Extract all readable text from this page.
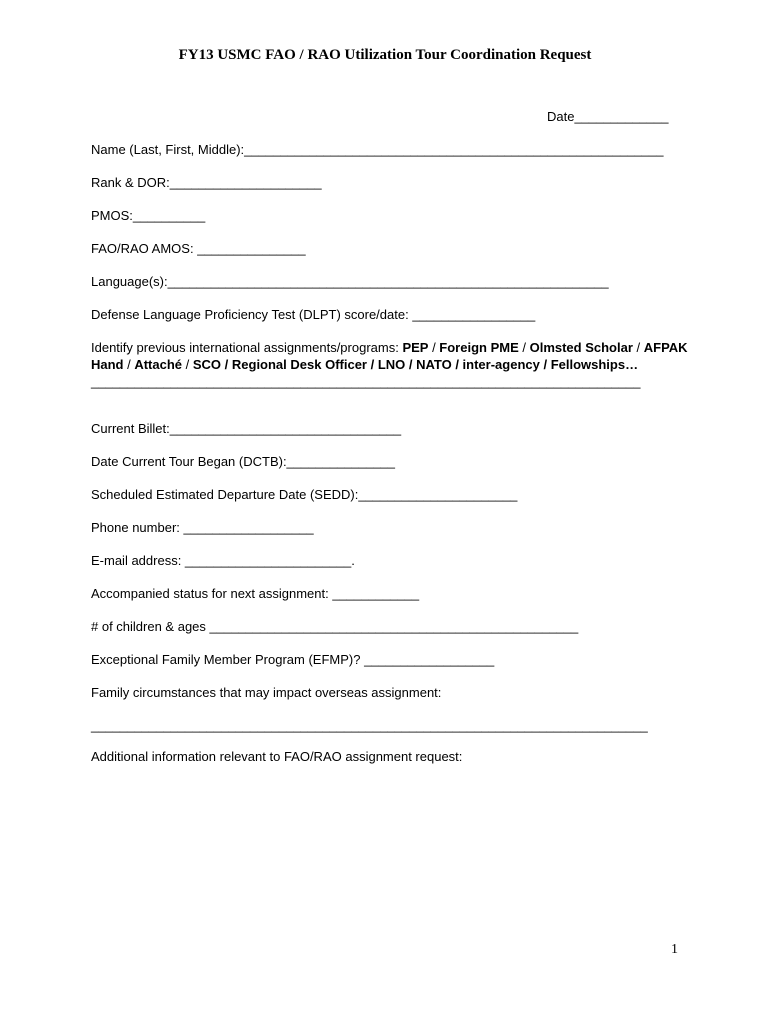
FY13 USMC FAO / RAO Utilization Tour Coordination Request
Date_____________
Name (Last, First, Middle):__________________________________________________________
Rank & DOR:_____________________
PMOS:__________
FAO/RAO AMOS: _______________
Language(s):_____________________________________________________________
Defense Language Proficiency Test (DLPT) score/date: _________________
Identify previous international assignments/programs: PEP / Foreign PME / Olmsted Scholar / AFPAK Hand / Attaché / SCO / Regional Desk Officer / LNO / NATO / inter-agency / Fellowships…
____________________________________________________________________________
Current Billet:________________________________
Date Current Tour Began (DCTB):_______________
Scheduled Estimated Departure Date (SEDD):______________________
Phone number: __________________
E-mail address: _______________________.
Accompanied status for next assignment: ____________
# of children & ages ___________________________________________________
Exceptional Family Member Program (EFMP)? __________________
Family circumstances that may impact overseas assignment:
_____________________________________________________________________________
Additional information relevant to FAO/RAO assignment request:
1
